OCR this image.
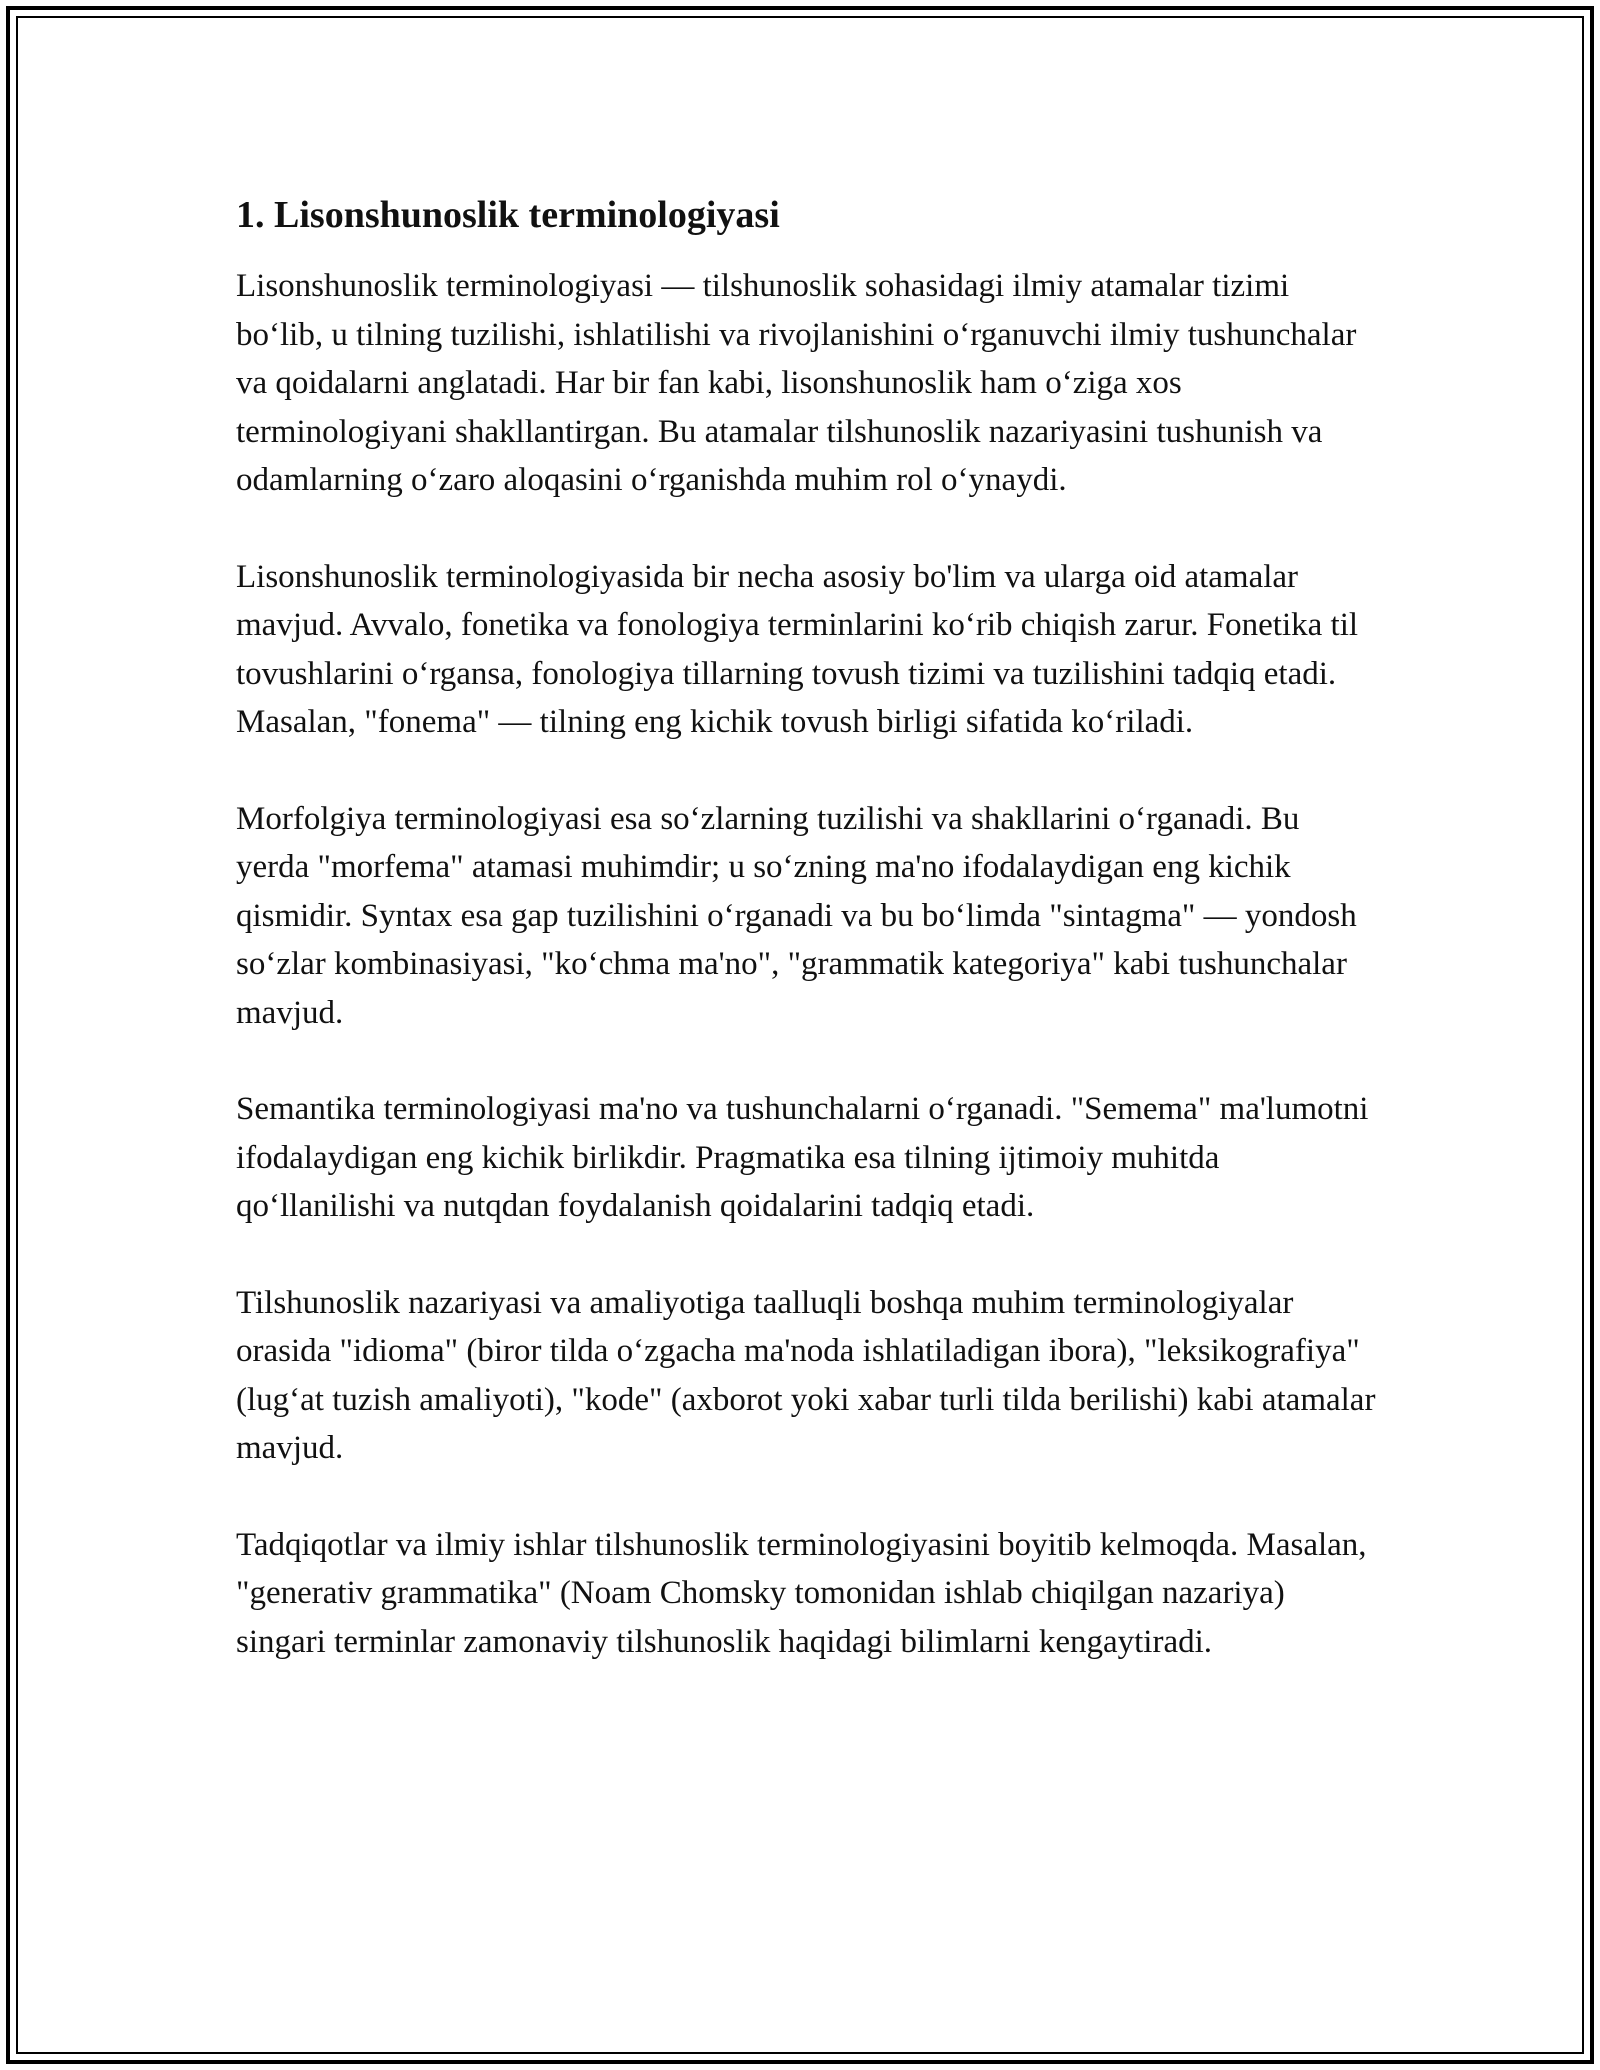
1. Lisonshunoslik terminologiyasi

Lisonshunoslik terminologiyasi — tilshunoslik sohasidagi ilmiy atamalar tizimi bo‘lib, u tilning tuzilishi, ishlatilishi va rivojlanishini o‘rganuvchi ilmiy tushunchalar va qoidalarni anglatadi. Har bir fan kabi, lisonshunoslik ham o‘ziga xos terminologiyani shakllantirgan. Bu atamalar tilshunoslik nazariyasini tushunish va odamlarning o‘zaro aloqasini o‘rganishda muhim rol o‘ynaydi.

Lisonshunoslik terminologiyasida bir necha asosiy bo'lim va ularga oid atamalar mavjud. Avvalo, fonetika va fonologiya terminlarini ko‘rib chiqish zarur. Fonetika til tovushlarini o‘rgansa, fonologiya tillarning tovush tizimi va tuzilishini tadqiq etadi. Masalan, "fonema" — tilning eng kichik tovush birligi sifatida ko‘riladi.

Morfolgiya terminologiyasi esa so‘zlarning tuzilishi va shakllarini o‘rganadi. Bu yerda "morfema" atamasi muhimdir; u so‘zning ma'no ifodalaydigan eng kichik qismidir. Syntax esa gap tuzilishini o‘rganadi va bu bo‘limda "sintagma" — yondosh so‘zlar kombinasiyasi, "ko‘chma ma'no", "grammatik kategoriya" kabi tushunchalar mavjud.

Semantika terminologiyasi ma'no va tushunchalarni o‘rganadi. "Semema" ma'lumotni ifodalaydigan eng kichik birlikdir. Pragmatika esa tilning ijtimoiy muhitda qo‘llanilishi va nutqdan foydalanish qoidalarini tadqiq etadi.

Tilshunoslik nazariyasi va amaliyotiga taalluqli boshqa muhim terminologiyalar orasida "idioma" (biror tilda o‘zgacha ma'noda ishlatiladigan ibora), "leksikografiya" (lug‘at tuzish amaliyoti), "kode" (axborot yoki xabar turli tilda berilishi) kabi atamalar mavjud.

Tadqiqotlar va ilmiy ishlar tilshunoslik terminologiyasini boyitib kelmoqda. Masalan, "generativ grammatika" (Noam Chomsky tomonidan ishlab chiqilgan nazariya) singari terminlar zamonaviy tilshunoslik haqidagi bilimlarni kengaytiradi.
